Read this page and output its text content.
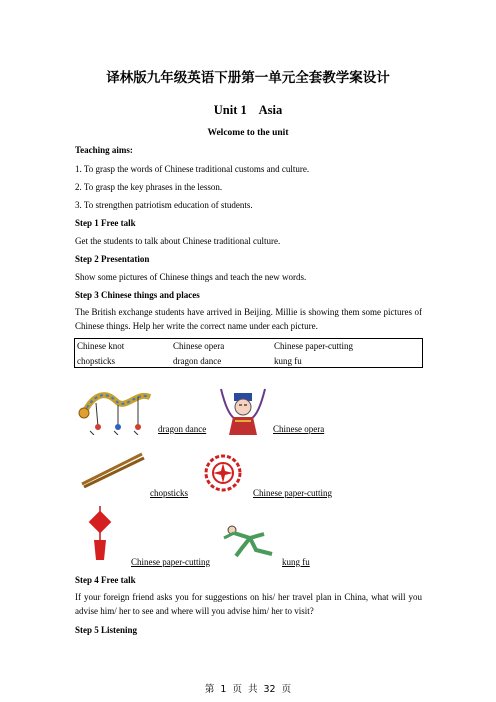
译林版九年级英语下册第一单元全套教学案设计
Unit 1    Asia
Welcome to the unit
Teaching aims:
1. To grasp the words of Chinese traditional customs and culture.
2. To grasp the key phrases in the lesson.
3. To strengthen patriotism education of students.
Step 1 Free talk
Get the students to talk about Chinese traditional culture.
Step 2 Presentation
Show some pictures of Chinese things and teach the new words.
Step 3 Chinese things and places
The British exchange students have arrived in Beijing. Millie is showing them some pictures of Chinese things. Help her write the correct name under each picture.
Chinese knot	Chinese opera	Chinese paper-cutting
chopsticks	dragon dance	kung fu
dragon dance	Chinese opera
chopsticks	Chinese paper-cutting
Chinese paper-cutting	kung fu
Step 4 Free talk
If your foreign friend asks you for suggestions on his/ her travel plan in China, what will you advise him/ her to see and where will you advise him/ her to visit?
Step 5 Listening
第 1 页 共 32 页
